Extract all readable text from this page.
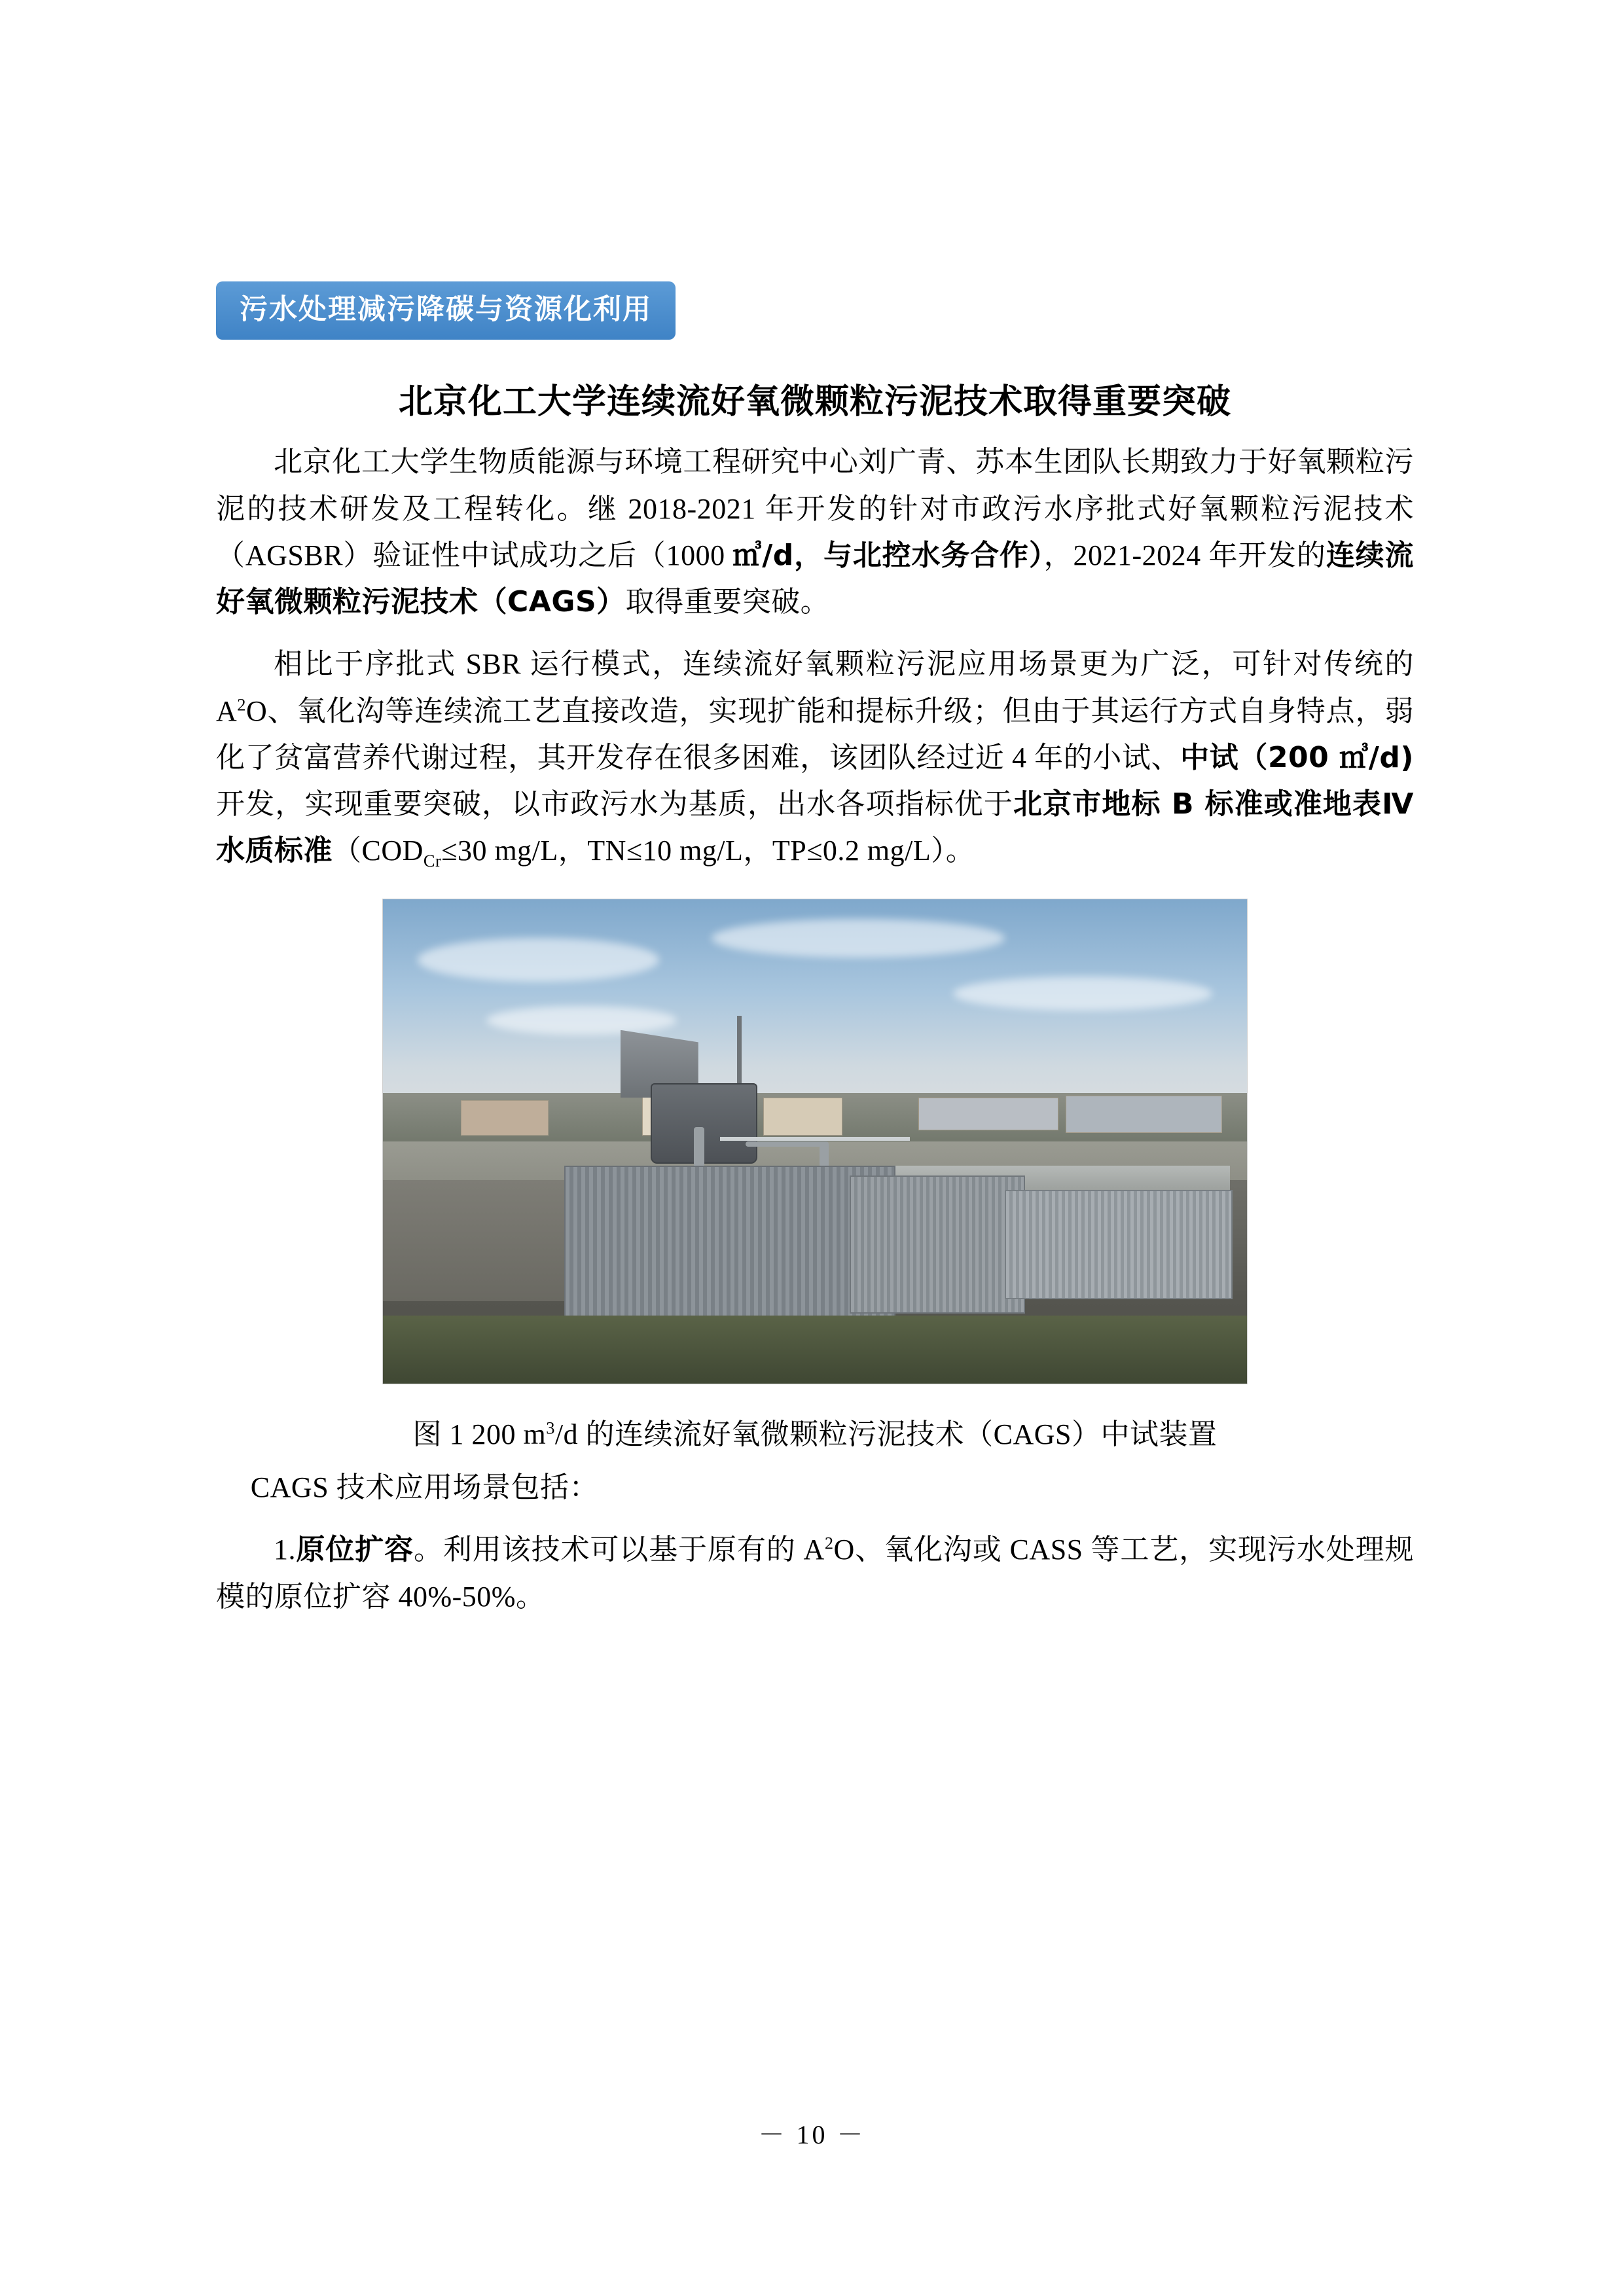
污水处理减污降碳与资源化利用
北京化工大学连续流好氧微颗粒污泥技术取得重要突破

北京化工大学生物质能源与环境工程研究中心刘广青、苏本生团队长期致力于好氧颗粒污泥的技术研发及工程转化。继 2018-2021 年开发的针对市政污水序批式好氧颗粒污泥技术（AGSBR）验证性中试成功之后（1000 ㎥/d，与北控水务合作），2021-2024 年开发的连续流好氧微颗粒污泥技术（CAGS）取得重要突破。

相比于序批式 SBR 运行模式，连续流好氧颗粒污泥应用场景更为广泛，可针对传统的 $A^2O$、氧化沟等连续流工艺直接改造，实现扩能和提标升级；但由于其运行方式自身特点，弱化了贫富营养代谢过程，其开发存在很多困难，该团队经过近 4 年的小试、中试（200 ㎥/d)开发，实现重要突破，以市政污水为基质，出水各项指标优于北京市地标 B 标准或准地表Ⅳ水质标准（$COD_{Cr}\le 30$ mg/L，TN≤10 mg/L，TP≤0.2 mg/L）。

图 1 200 $m^3/d$ 的连续流好氧微颗粒污泥技术（CAGS）中试装置

CAGS 技术应用场景包括：

1.原位扩容。利用该技术可以基于原有的 $A^2O$、氧化沟或 CASS 等工艺，实现污水处理规模的原位扩容 40%-50%。

－ 10 －
